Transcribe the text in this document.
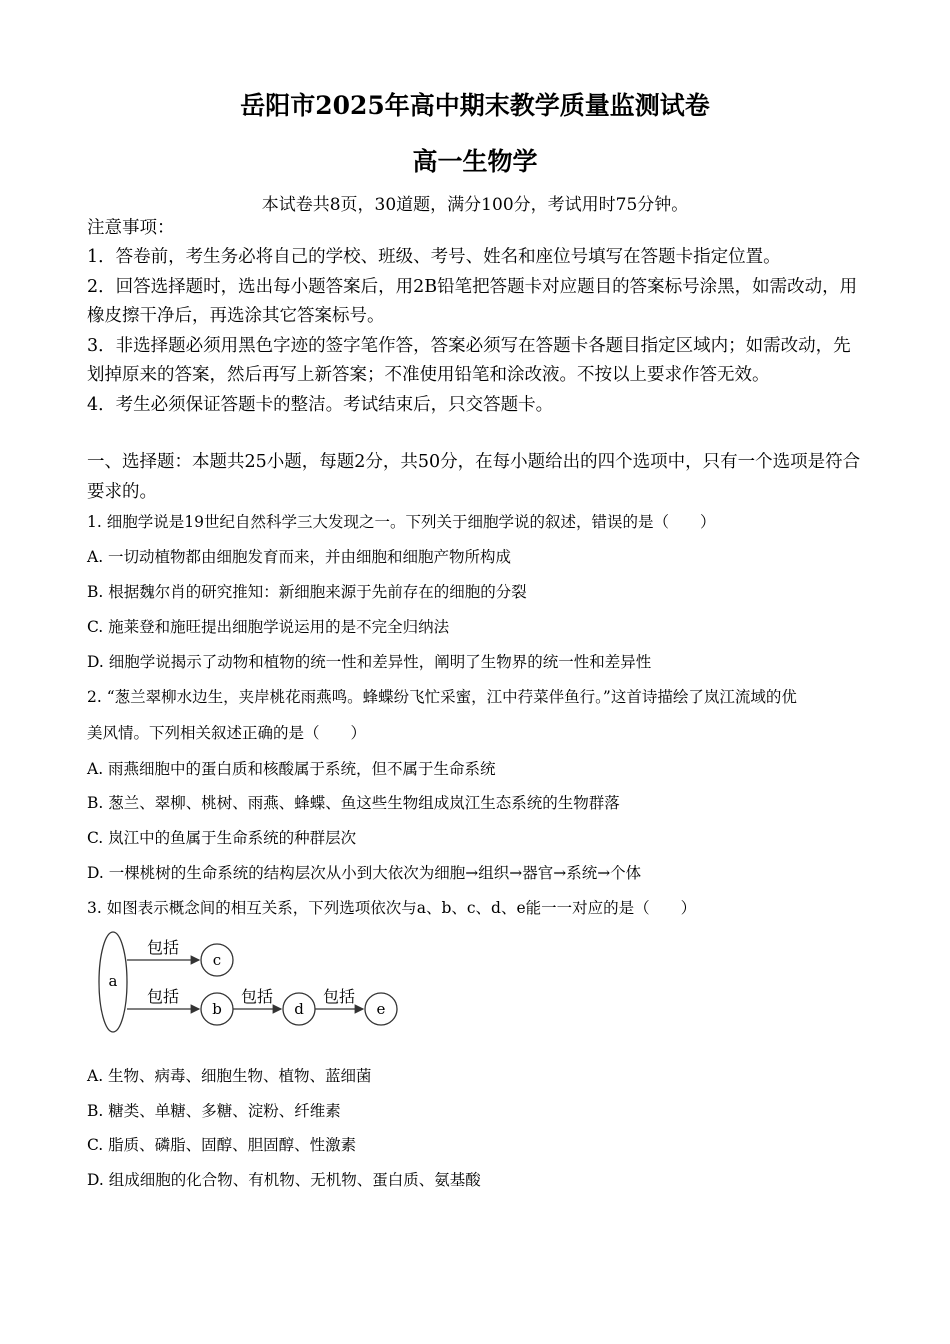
岳阳市2025年高中期末教学质量监测试卷
高一生物学
本试卷共8页，30道题，满分100分，考试用时75分钟。
注意事项：

1．答卷前，考生务必将自己的学校、班级、考号、姓名和座位号填写在答题卡指定位置。

2．回答选择题时，选出每小题答案后，用2B铅笔把答题卡对应题目的答案标号涂黑，如需改动，用橡皮擦干净后，再选涂其它答案标号。

3．非选择题必须用黑色字迹的签字笔作答，答案必须写在答题卡各题目指定区域内；如需改动，先划掉原来的答案，然后再写上新答案；不准使用铅笔和涂改液。不按以上要求作答无效。

4．考生必须保证答题卡的整洁。考试结束后，只交答题卡。

一、选择题：本题共25小题，每题2分，共50分，在每小题给出的四个选项中，只有一个选项是符合要求的。

1. 细胞学说是19世纪自然科学三大发现之一。下列关于细胞学说的叙述，错误的是（　　）
A. 一切动植物都由细胞发育而来，并由细胞和细胞产物所构成
B. 根据魏尔肖的研究推知：新细胞来源于先前存在的细胞的分裂
C. 施莱登和施旺提出细胞学说运用的是不完全归纳法
D. 细胞学说揭示了动物和植物的统一性和差异性，阐明了生物界的统一性和差异性
2. “葱兰翠柳水边生，夹岸桃花雨燕鸣。蜂蝶纷飞忙采蜜，江中荇菜伴鱼行。”这首诗描绘了岚江流域的优
美风情。下列相关叙述正确的是（　　）
A. 雨燕细胞中的蛋白质和核酸属于系统，但不属于生命系统
B. 葱兰、翠柳、桃树、雨燕、蜂蝶、鱼这些生物组成岚江生态系统的生物群落
C. 岚江中的鱼属于生命系统的种群层次
D. 一棵桃树的生命系统的结构层次从小到大依次为细胞→组织→器官→系统→个体
3. 如图表示概念间的相互关系，下列选项依次与a、b、c、d、e能一一对应的是（　　）
a
包括
c
包括
b
包括
d
包括
e
A. 生物、病毒、细胞生物、植物、蓝细菌
B. 糖类、单糖、多糖、淀粉、纤维素
C. 脂质、磷脂、固醇、胆固醇、性激素
D. 组成细胞的化合物、有机物、无机物、蛋白质、氨基酸
